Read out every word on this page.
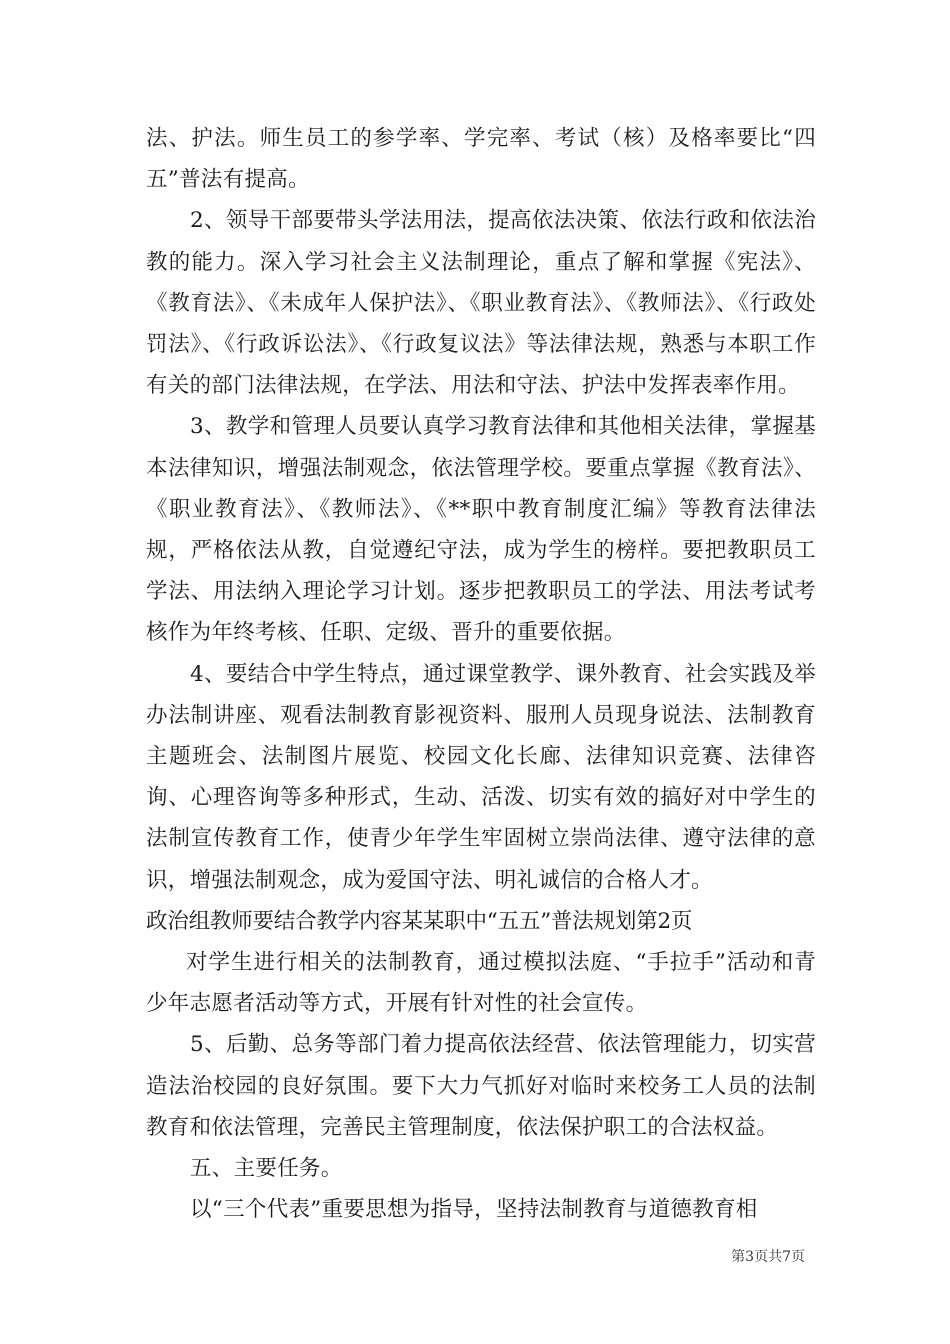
法、护法。师生员工的参学率、学完率、考试（核）及格率要比“四五”普法有提高。

2、领导干部要带头学法用法，提高依法决策、依法行政和依法治教的能力。深入学习社会主义法制理论，重点了解和掌握《宪法》、《教育法》、《未成年人保护法》、《职业教育法》、《教师法》、《行政处罚法》、《行政诉讼法》、《行政复议法》等法律法规，熟悉与本职工作有关的部门法律法规，在学法、用法和守法、护法中发挥表率作用。

3、教学和管理人员要认真学习教育法律和其他相关法律，掌握基本法律知识，增强法制观念，依法管理学校。要重点掌握《教育法》、《职业教育法》、《教师法》、《**职中教育制度汇编》等教育法律法规，严格依法从教，自觉遵纪守法，成为学生的榜样。要把教职员工学法、用法纳入理论学习计划。逐步把教职员工的学法、用法考试考核作为年终考核、任职、定级、晋升的重要依据。

4、要结合中学生特点，通过课堂教学、课外教育、社会实践及举办法制讲座、观看法制教育影视资料、服刑人员现身说法、法制教育主题班会、法制图片展览、校园文化长廊、法律知识竞赛、法律咨询、心理咨询等多种形式，生动、活泼、切实有效的搞好对中学生的法制宣传教育工作，使青少年学生牢固树立崇尚法律、遵守法律的意识，增强法制观念，成为爱国守法、明礼诚信的合格人才。

政治组教师要结合教学内容某某职中“五五”普法规划第2页

对学生进行相关的法制教育，通过模拟法庭、“手拉手”活动和青少年志愿者活动等方式，开展有针对性的社会宣传。

5、后勤、总务等部门着力提高依法经营、依法管理能力，切实营造法治校园的良好氛围。要下大力气抓好对临时来校务工人员的法制教育和依法管理，完善民主管理制度，依法保护职工的合法权益。

五、主要任务。

以“三个代表”重要思想为指导，坚持法制教育与道德教育相

第3页共7页
